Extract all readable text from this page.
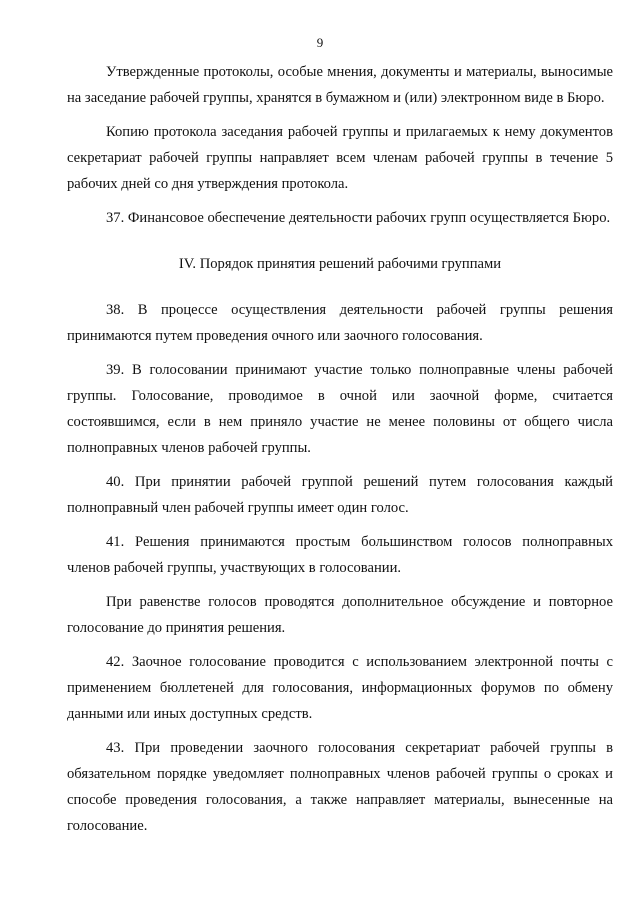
9

Утвержденные протоколы, особые мнения, документы и материалы, выносимые на заседание рабочей группы, хранятся в бумажном и (или) электронном виде в Бюро.

Копию протокола заседания рабочей группы и прилагаемых к нему документов секретариат рабочей группы направляет всем членам рабочей группы в течение 5 рабочих дней со дня утверждения протокола.

37. Финансовое обеспечение деятельности рабочих групп осуществляется Бюро.

IV. Порядок принятия решений рабочими группами

38. В процессе осуществления деятельности рабочей группы решения принимаются путем проведения очного или заочного голосования.

39. В голосовании принимают участие только полноправные члены рабочей группы. Голосование, проводимое в очной или заочной форме, считается состоявшимся, если в нем приняло участие не менее половины от общего числа полноправных членов рабочей группы.

40. При принятии рабочей группой решений путем голосования каждый полноправный член рабочей группы имеет один голос.

41. Решения принимаются простым большинством голосов полноправных членов рабочей группы, участвующих в голосовании.

При равенстве голосов проводятся дополнительное обсуждение и повторное голосование до принятия решения.

42. Заочное голосование проводится с использованием электронной почты с применением бюллетеней для голосования, информационных форумов по обмену данными или иных доступных средств.

43. При проведении заочного голосования секретариат рабочей группы в обязательном порядке уведомляет полноправных членов рабочей группы о сроках и способе проведения голосования, а также направляет материалы, вынесенные на голосование.
